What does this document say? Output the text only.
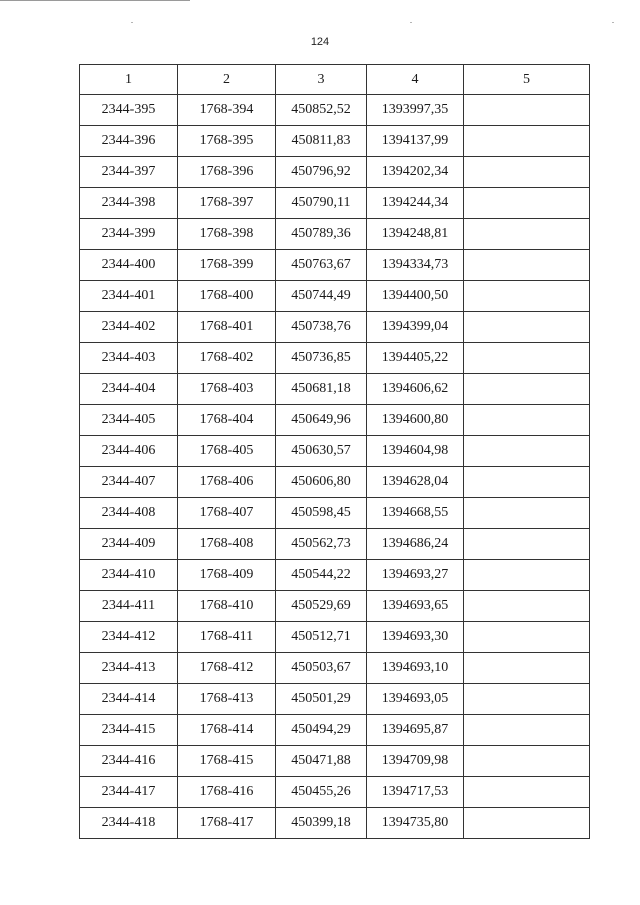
124
1	2	3	4	5
2344-395	1768-394	450852,52	1393997,35	
2344-396	1768-395	450811,83	1394137,99	
2344-397	1768-396	450796,92	1394202,34	
2344-398	1768-397	450790,11	1394244,34	
2344-399	1768-398	450789,36	1394248,81	
2344-400	1768-399	450763,67	1394334,73	
2344-401	1768-400	450744,49	1394400,50	
2344-402	1768-401	450738,76	1394399,04	
2344-403	1768-402	450736,85	1394405,22	
2344-404	1768-403	450681,18	1394606,62	
2344-405	1768-404	450649,96	1394600,80	
2344-406	1768-405	450630,57	1394604,98	
2344-407	1768-406	450606,80	1394628,04	
2344-408	1768-407	450598,45	1394668,55	
2344-409	1768-408	450562,73	1394686,24	
2344-410	1768-409	450544,22	1394693,27	
2344-411	1768-410	450529,69	1394693,65	
2344-412	1768-411	450512,71	1394693,30	
2344-413	1768-412	450503,67	1394693,10	
2344-414	1768-413	450501,29	1394693,05	
2344-415	1768-414	450494,29	1394695,87	
2344-416	1768-415	450471,88	1394709,98	
2344-417	1768-416	450455,26	1394717,53	
2344-418	1768-417	450399,18	1394735,80	
